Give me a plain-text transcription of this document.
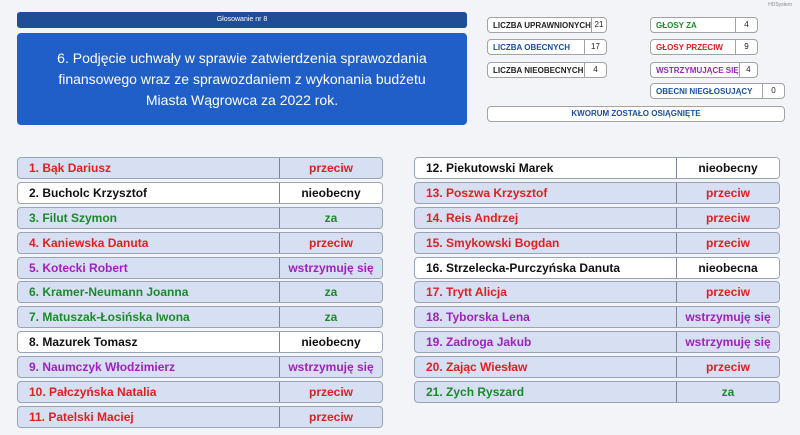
Głosowanie nr 8
HDSystem
6. Podjęcie uchwały w sprawie zatwierdzenia sprawozdania finansowego wraz ze sprawozdaniem z wykonania budżetu Miasta Wągrowca za 2022 rok.
LICZBA UPRAWNIONYCH 21
LICZBA OBECNYCH	17
LICZBA NIEOBECNYCH	4
GŁOSY ZA	4
GŁOSY PRZECIW	9
WSTRZYMUJĄCE SIĘ 4
OBECNI NIEGŁOSUJĄCY	0
KWORUM ZOSTAŁO OSIĄGNIĘTE
1. Bąk Dariusz	przeciw
2. Bucholc Krzysztof	nieobecny
3. Filut Szymon	za
4. Kaniewska Danuta	przeciw
5. Kotecki Robert	wstrzymuję się
6. Kramer-Neumann Joanna	za
7. Matuszak-Łosińska Iwona	za
8. Mazurek Tomasz	nieobecny
9. Naumczyk Włodzimierz	wstrzymuję się
10. Pałczyńska Natalia	przeciw
11. Patelski Maciej	przeciw
12. Piekutowski Marek	nieobecny
13. Poszwa Krzysztof	przeciw
14. Reis Andrzej	przeciw
15. Smykowski Bogdan	przeciw
16. Strzelecka-Purczyńska Danuta	nieobecna
17. Trytt Alicja	przeciw
18. Tyborska Lena	wstrzymuję się
19. Zadroga Jakub	wstrzymuję się
20. Zając Wiesław	przeciw
21. Zych Ryszard	za
